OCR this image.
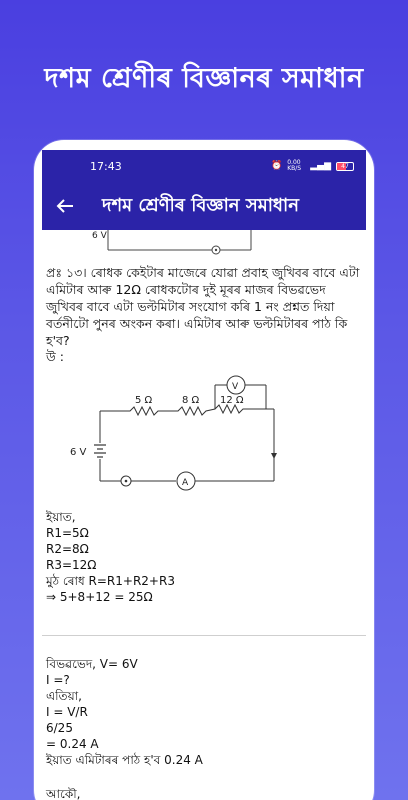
দশম শ্ৰেণীৰ বিজ্ঞানৰ সমাধান
17:43	⏰ 0.00 KB/S	▂▄▆	47
দশম শ্ৰেণীৰ বিজ্ঞান সমাধান
6 V
প্ৰঃ ১৩। ৰোধক কেইটাৰ মাজেৰে যোৱা প্ৰবাহ জুখিবৰ বাবে এটা এমিটাৰ আৰু 12Ω ৰোধকটোৰ দুই মূৰৰ মাজৰ বিভৱভেদ জুখিবৰ বাবে এটা ভল্টমিটাৰ সংযোগ কৰি 1 নং প্ৰশ্নত দিয়া বৰ্তনীটো পুনৰ অংকন কৰা। এমিটাৰ আৰু ভল্টমিটাৰৰ পাঠ কি হ'ব?
উ :
V
5 Ω	8 Ω 12 Ω
6 V
A
ইয়াত,
R1=5Ω
R2=8Ω
R3=12Ω
মুঠ ৰোধ R=R1+R2+R3
⇒ 5+8+12 = 25Ω
বিভৱভেদ, V= 6V
I =?
এতিয়া,
I = V/R
6/25
= 0.24 A
ইয়াত এমিটাৰৰ পাঠ হ'ব 0.24 A
আকৌ,
